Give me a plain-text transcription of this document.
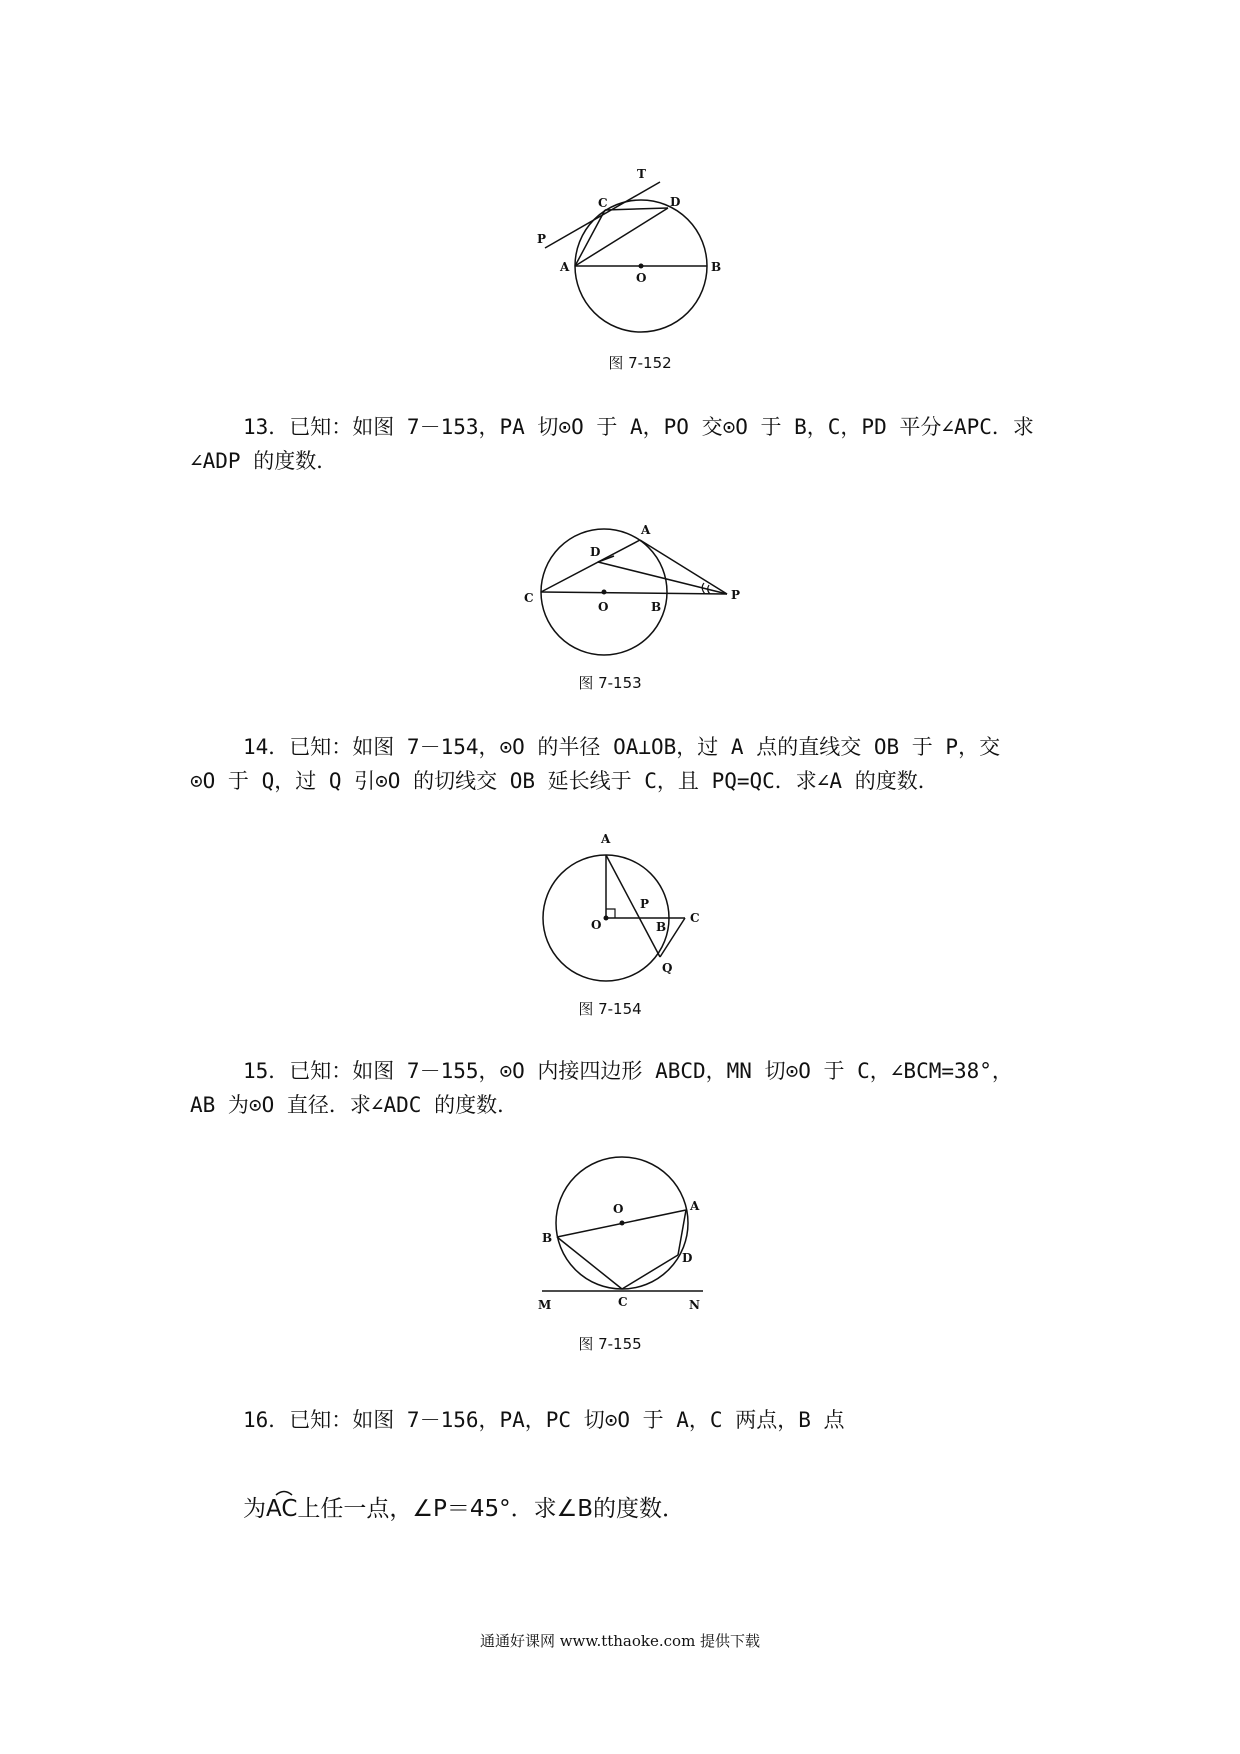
T
C	D
P
A
O
B
图 7-152
13．已知：如图 7－153，PA 切⊙O 于 A，PO 交⊙O 于 B，C，PD 平分∠APC．求
∠ADP 的度数．
A
D
C
O	B
P
图 7-153
14．已知：如图 7－154，⊙O 的半径 OA⊥OB，过 A 点的直线交 OB 于 P，交
⊙O 于 Q，过 Q 引⊙O 的切线交 OB 延长线于 C，且 PQ=QC．求∠A 的度数．
A
P
O	B
C
Q
图 7-154
15．已知：如图 7－155，⊙O 内接四边形 ABCD，MN 切⊙O 于 C，∠BCM=38°，
AB 为⊙O 直径．求∠ADC 的度数．
O	A
B
D
M	C	N
图 7-155
16．已知：如图 7－156，PA，PC 切⊙O 于 A，C 两点，B 点
为
AC上任一点，∠P＝45°．求∠B的度数．
通通好课网 www.tthaoke.com 提供下载
